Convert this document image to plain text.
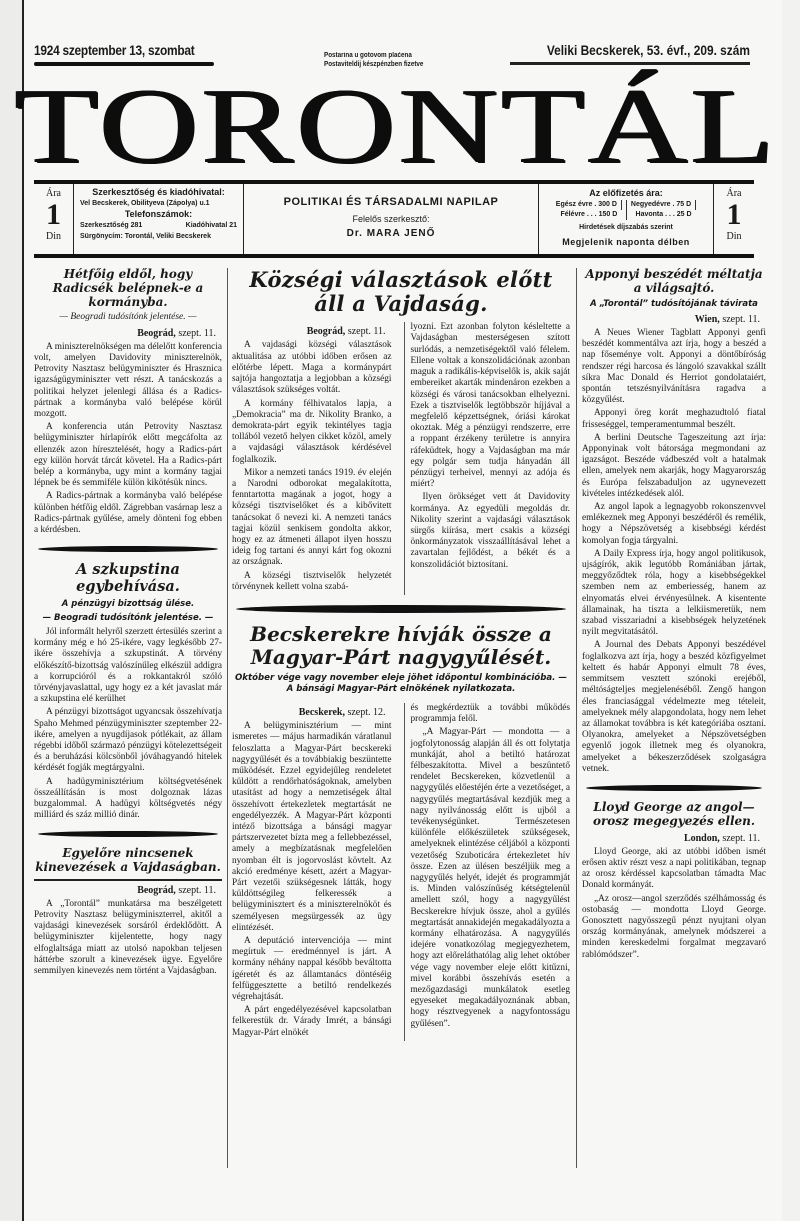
1924 szeptember 13, szombat	Postarina u gotovom plaćena
Postaviteldij készpénzben fizetve
Veliki Becskerek, 53. évf., 209. szám
TORONTÁL
Ára
1
Din
Szerkesztőség és kiadóhivatal:
Vel Becskerek, Obilityeva (Zápolya) u.1
Telefonszámok:
Szerkesztőség 281	Kiadóhivatal 21
Sürgönycím: Torontál, Veliki Becskerek
POLITIKAI ÉS TÁRSADALMI NAPILAP
Felelős szerkesztő:
Dr. MARA JENŐ
Az előfizetés ára:
Egész évre . 300 D
Félévre . . . 150 D
Negyedévre . 75 D
Havonta . . . 25 D
Hirdetések díjszabás szerint
Megjelenik naponta délben
Ára
1
Din
Hétfőig eldől, hogy Radicsék belépnek-e a kormányba.
— Beogradi tudósítónk jelentése. —
Beográd, szept. 11.

A miniszterelnökségen ma délelőtt konferencia volt, amelyen Davidovity miniszterelnök, Petrovity Nasztasz belügyminiszter és Hrasznica igazságügyminiszter vett részt. A tanácskozás a politikai helyzet jelenlegi állása és a Radics-pártnak a kormányba való belépése körül mozgott.

A konferencia után Petrovity Nasztasz belügyminiszter hírlapírók előtt megcáfolta az ellenzék azon híresztelését, hogy a Radics-párt egy külön horvát tárcát követel. Ha a Radics-párt belép a kormányba, ugy mint a kormány tagjai lépnek be és semmiféle külön kikötésük nincs.

A Radics-pártnak a kormányba való belépése különben hétfőig eldől. Zágrebban vasárnap lesz a Radics-pártnak gyűlése, amely dönteni fog ebben a kérdésben.

A szkupstina egybehívása.
A pénzügyi bizottság ülése.
— Beogradi tudósítónk jelentése. —

Jól informált helyről szerzett értesülés szerint a kormány még e hó 25-ikére, vagy legkésőbb 27-ikére összehívja a szkupstinát. A törvény előkészítő-bizottság valószínűleg elkészül addigra a korrupcióról és a rokkantakról szóló törvényjavaslattal, ugy hogy ez a két javaslat már a szkupstina elé kerülhet

A pénzügyi bizottságot ugyancsak összehívatja Spaho Mehmed pénzügyminiszter szeptember 22-ikére, amelyen a nyugdíjasok pótlékait, az állam régebbi időből származó pénzügyi kötelezettségeit és a beruházási kölcsönből jóváhagyandó hitelek kérdését fogják megtárgyalni.

A hadügyminisztérium költségvetésének összeállításán is most dolgoznak lázas buzgalommal. A hadügyi költségvetés négy milliárd és száz millió dinár.

Egyelőre nincsenek kinevezések a Vajdaságban.
Beográd, szept. 11.

A „Torontál” munkatársa ma beszélgetett Petrovity Nasztasz belügyminiszterrel, akitől a vajdasági kinevezések sorsáról érdeklődött. A belügyminiszter kijelentette, hogy nagy elfoglaltsága miatt az utolsó napokban teljesen háttérbe szorult a kinevezések ügye. Egyelőre semmilyen kinevezés nem történt a Vajdaságban.

Községi választások előtt áll a Vajdaság.
Beográd, szept. 11.

A vajdasági községi választások aktualitása az utóbbi időben erősen az előtérbe lépett. Maga a kormánypárt sajtója hangoztatja a legjobban a községi választások szükséges voltát.

A kormány félhivatalos lapja, a „Demokracia” ma dr. Nikolity Branko, a demokrata-párt egyik tekintélyes tagja tollából vezető helyen cikket közöl, amely a vajdasági választások kérdésével foglalkozik.

Mikor a nemzeti tanács 1919. év elején a Narodni odborokat megalakította, fenntartotta magának a jogot, hogy a községi tisztviselőket és a kibővitett tanácsokat ő nevezi ki. A nemzeti tanács tagjai közül senkisem gondolta akkor, hogy ez az átmeneti állapot ilyen hosszu ideig fog tartani és annyi kárt fog okozni az országnak.

A községi tisztviselők helyzetét törvénynek kellett volna szabá-

lyozni. Ezt azonban folyton késleltette a Vajdaságban mesterségesen szított surlódás, a nemzetiségektől való félelem. Ellene voltak a konszolidációnak azonban maguk a radikális-képviselők is, akik saját embereiket akarták mindenáron ezekben a községi és városi tanácsokban elhelyezni. Ezek a tisztviselők legtöbbször híjjával a megfelelő képzettségnek, óriási károkat okoztak. Még a pénzügyi rendszerre, erre a roppant érzékeny területre is annyira ráfeküdtek, hogy a Vajdaságban ma már egy polgár sem tudja hányadán áll pénzügyi terheivel, mennyi az adója és miért?

Ilyen örökséget vett át Davidovity kormánya. Az egyedüli megoldás dr. Nikolity szerint a vajdasági választások sürgős kiírása, mert csakis a községi önkormányzatok visszaállításával lehet a zavartalan fejlődést, a békét és a konszolidációt biztosítani.

Becskerekre hívják össze a Magyar-Párt nagygyűlését.
Október vége vagy november eleje jöhet időpontul kombinációba. — A bánsági Magyar-Párt elnökének nyilatkozata.
Becskerek, szept. 12.

A belügyminisztérium — mint ismeretes — május harmadikán váratlanul feloszlatta a Magyar-Párt becskereki nagygyűlését és a továbbiakig beszüntette működését. Ezzel egyidejűleg rendeletet küldött a rendőrhatóságoknak, amelyben utasítást ad hogy a nemzetiségek által összehívott értekezletek megtartását ne engedélyezzék. A Magyar-Párt központi intéző bizottsága a bánsági magyar pártszervezetet bízta meg a fellebbezéssel, amely a megbízatásnak megfelelően nyomban élt is jogorvoslást kövtelt. Az akció eredménye késett, azért a Magyar-Párt vezetői szükségesnek látták, hogy küldöttségileg felkeressék a belügyminisztert és a miniszterelnököt és személyesen megsürgessék az ügy elintézését.

A deputáció intervenciója — mint megírtuk — eredménnyel is járt. A kormány néhány nappal később beváltotta ígéretét és az államtanács döntéséig felfüggesztette a betiltó rendelkezés végrehajtását.

A párt engedélyezésével kapcsolatban felkerestük dr. Várady Imrét, a bánsági Magyar-Párt elnökét

és megkérdeztük a további működés programmja felől.

„A Magyar-Párt — mondotta — a jogfolytonosság alapján áll és ott folytatja munkáját, ahol a betiltó határozat félbeszakította. Mivel a beszüntető rendelet Becskereken, közvetlenül a nagygyűlés előestéjén érte a vezetőséget, a nagygyűlés megtartásával kezdjük meg a nagy nyilvánosság előtt is ujból a tevékenységünket. Természetesen különféle előkészületek szükségesek, amelyeknek elintézése céljából a központi vezetőség Szuboticára értekezletet hív össze. Ezen az ülésen beszéljük meg a nagygyűlés helyét, idejét és programmját is. Minden valószínűség kétségtelenül amellett szól, hogy a nagygyűlést Becskerekre hívjuk össze, ahol a gyűlés megtartását annakidején megakadályozta a kormány elhatározása. A nagygyűlés idejére vonatkozólag megjegyezhetem, hogy azt előreláthatólag alig lehet október vége vagy november eleje előtt kitűzni, mivel korábbi összehívás esetén a mezőgazdasági munkálatok esetleg egyeseket megakadályoznának abban, hogy résztvegyenek a nagyfontosságu gyűlésen”.

Apponyi beszédét méltatja a világsajtó.
A „Torontál” tudósítójának távirata
Wien, szept. 11.

A Neues Wiener Tagblatt Apponyi genfi beszédét kommentálva azt írja, hogy a beszéd a nap főseménye volt. Apponyi a döntőbíróság rendszer régi harcosa és lángoló szavakkal szállt síkra Mac Donald és Herriot gondolataiért, spontán tetszésnyilvánításra ragadva a közgyűlést.

Apponyi öreg korát meghazudtoló fiatal frisseséggel, temperamentummal beszélt.

A berlini Deutsche Tageszeitung azt írja: Apponyinak volt bátorsága megmondani az igazságot. Beszéde vádbeszéd volt a hatalmak ellen, amelyek nem akarják, hogy Magyarország és Európa felszabaduljon az ugynevezett kivételes intézkedések alól.

Az angol lapok a legnagyobb rokonszenvvel emlékeznek meg Apponyi beszédéről és remélik, hogy a Népszövetség a kisebbségi kérdést komolyan fogja tárgyalni.

A Daily Express írja, hogy angol politikusok, ujságírók, akik legutóbb Romániában jártak, meggyőződtek róla, hogy a kisebbségekkel szemben nem az emberiesség, hanem az elnyomatás elvei érvényesülnek. A kisentente államainak, ha tiszta a lelkiismeretük, nem szabad visszariadni a kisebbségek helyzetének nyilt megvitatásától.

A Journal des Debats Apponyi beszédével foglalkozva azt írja, hogy a beszéd közfigyelmet keltett és habár Apponyi elmult 78 éves, semmitsem vesztett szónoki erejéből, méltóságteljes megjelenéséből. Zengő hangon éles franciasággal védelmezte meg tételeit, amelyeknek mély alapgondolata, hogy nem lehet az államokat továbbra is két kategóriába osztani. Olyanokra, amelyeket a Népszövetségben egyenlő jogok illetnek meg és olyanokra, amelyeket a békeszerződések szolgaságra vetnek.

Lloyd George az angol—orosz megegyezés ellen.
London, szept. 11.

Lloyd George, aki az utóbbi időben ismét erősen aktiv részt vesz a napi politikában, tegnap az orosz kérdéssel kapcsolatban támadta Mac Donald kormányát.

„Az orosz—angol szerződés szélhámosság és ostobaság — mondotta Lloyd George. Gonosztett nagyösszegű pénzt nyujtani olyan ország kormányának, amelynek módszerei a minden kereskedelmi forgalmat megzavaró rablómódszer”.
